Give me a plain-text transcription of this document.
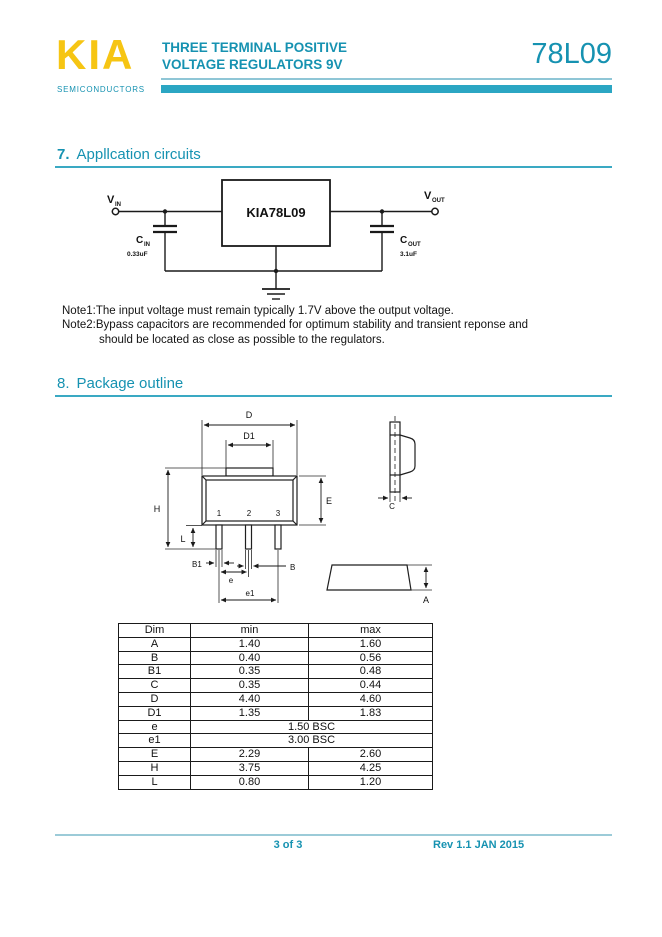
KIA
SEMICONDUCTORS
THREE TERMINAL POSITIVE
VOLTAGE REGULATORS 9V	78L09
7. Appllcation circuits
V IN
V OUT
KIA78L09
C IN
0.33uF
C OUT
3.1uF
Note1:The input voltage must remain typically 1.7V above the output voltage.
Note2:Bypass capacitors are recommended for optimum stability and transient reponse and
should be located as close as possible to the regulators.
8. Package outline
1	2	3
D
D1
H
E
L
B1
e
B
e1
C
A
Dim	min	max
A	1.40	1.60
B	0.40	0.56
B1	0.35	0.48
C	0.35	0.44
D	4.40	4.60
D1	1.35	1.83
e	1.50 BSC	
e1	3.00 BSC	
E	2.29	2.60
H	3.75	4.25
L	0.80	1.20
3 of 3	Rev 1.1 JAN 2015
